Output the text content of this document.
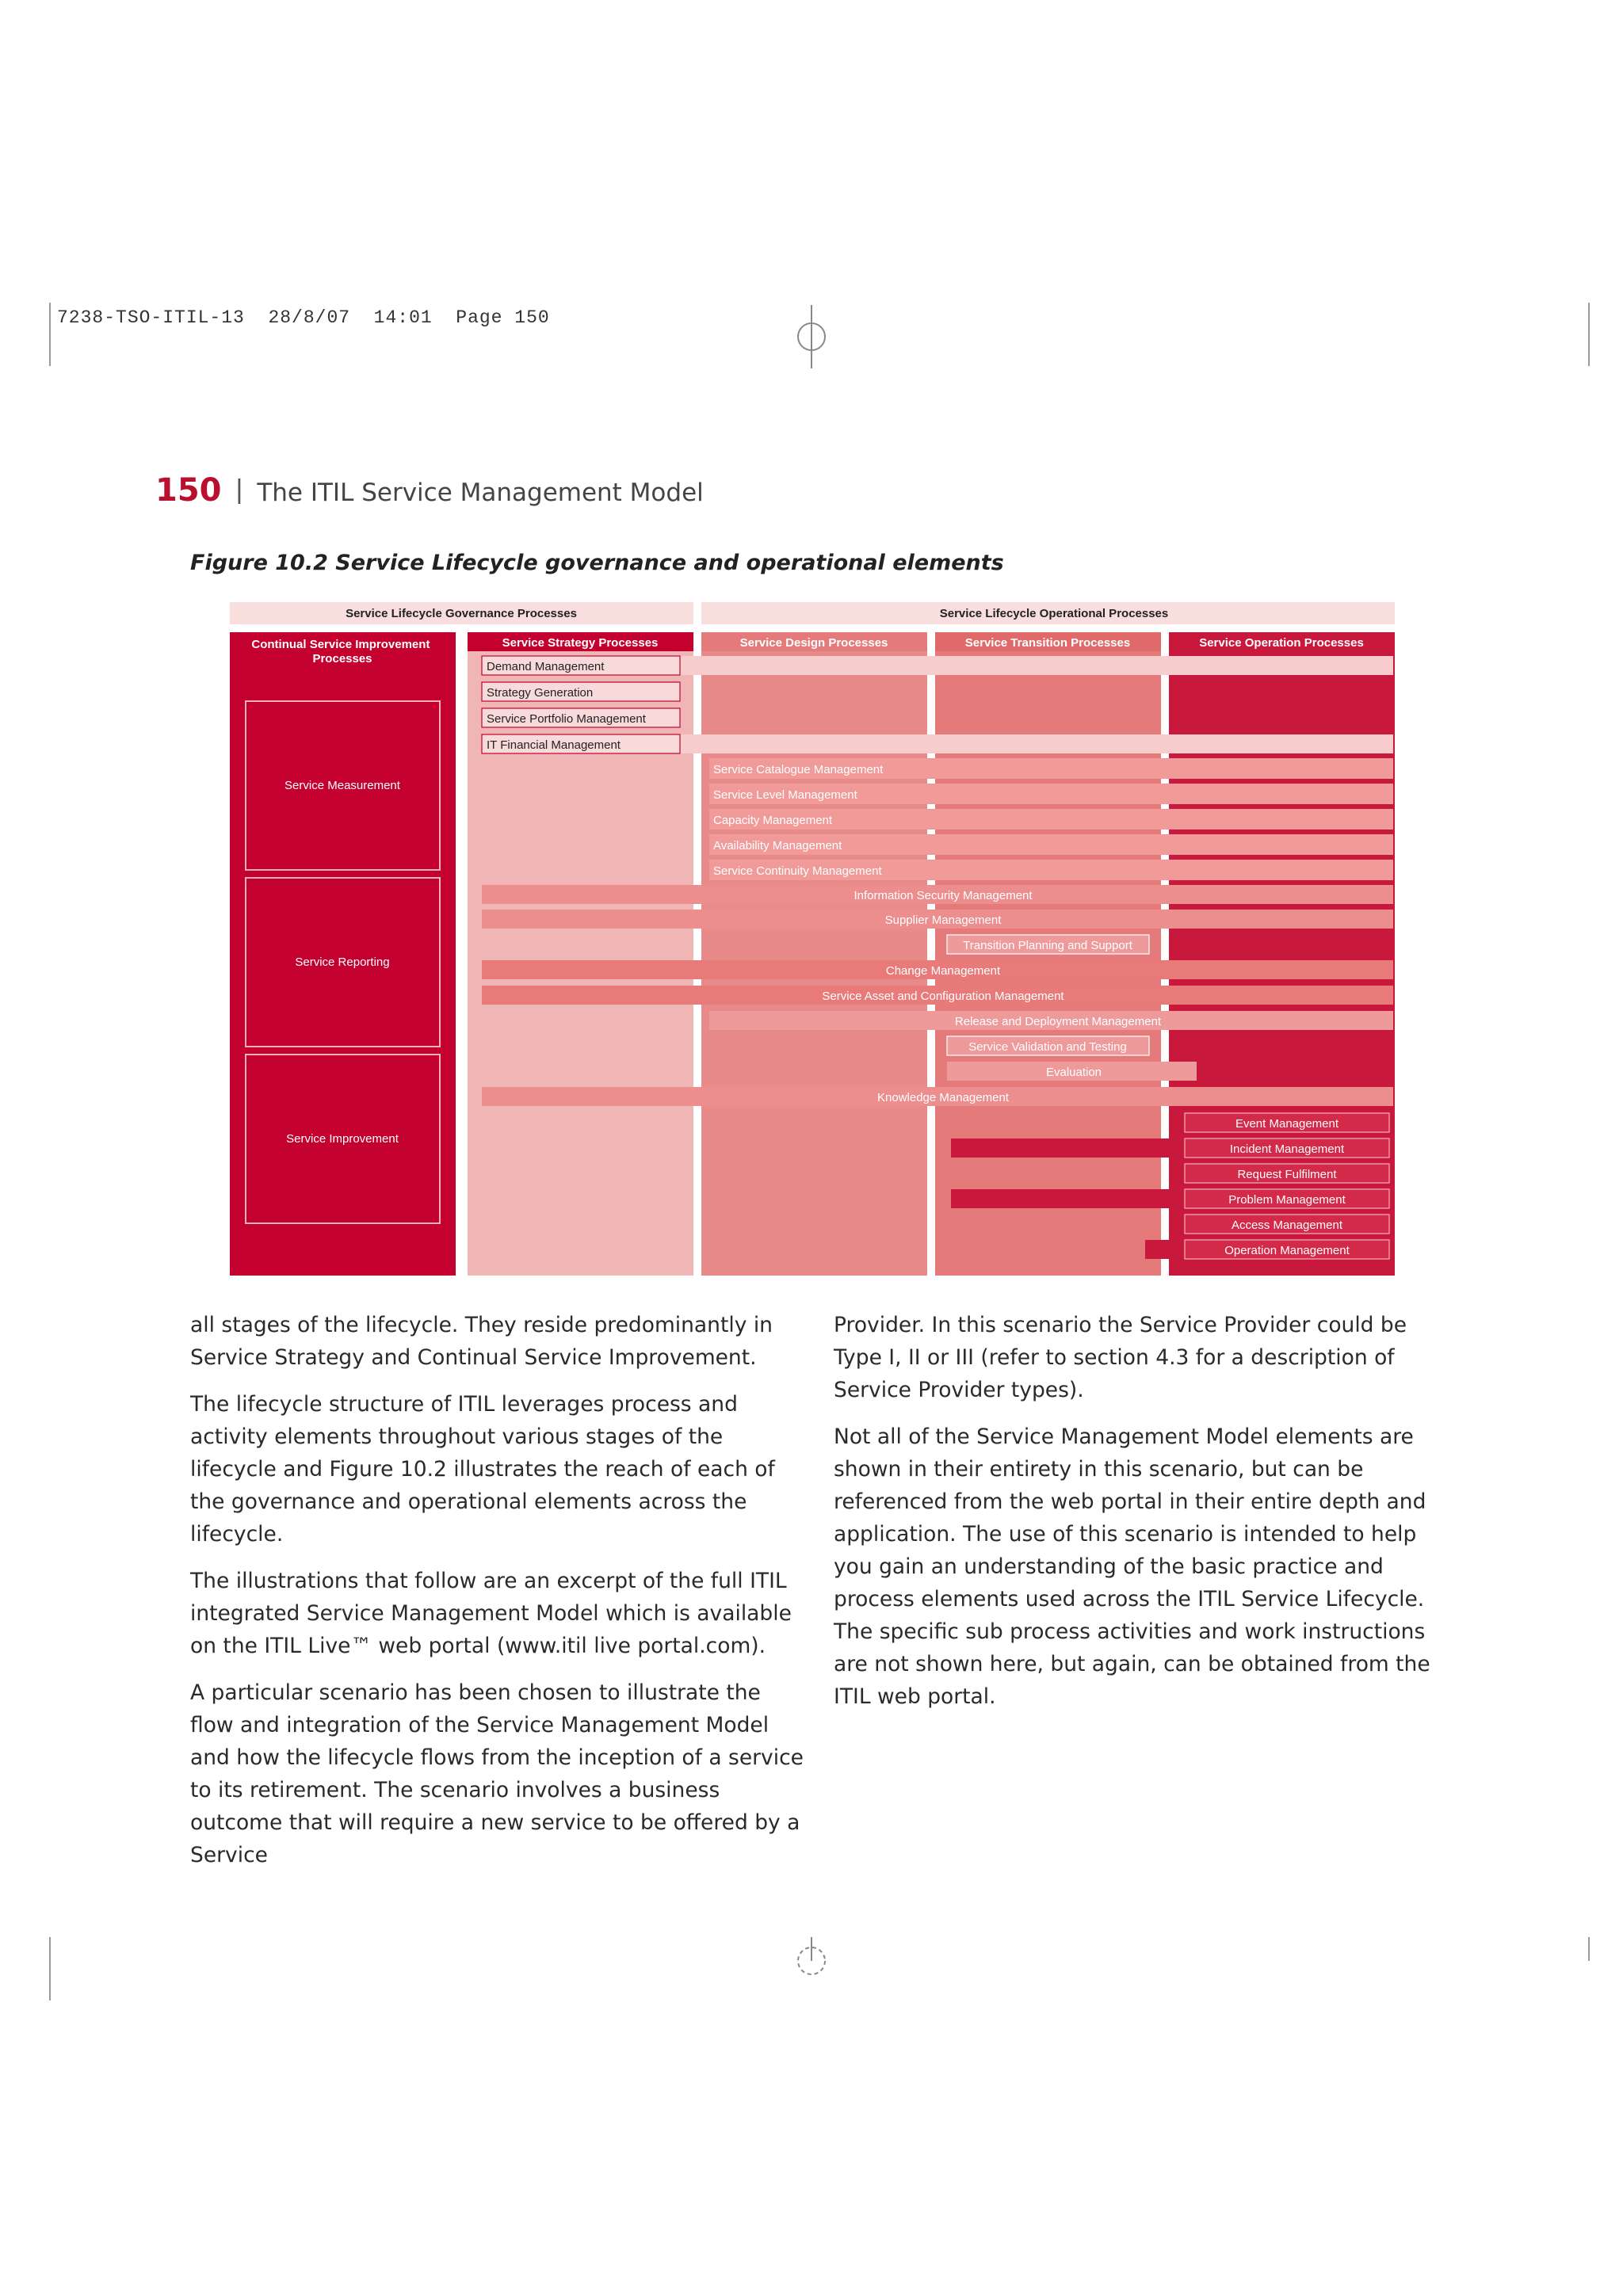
7238-TSO-ITIL-13  28/8/07  14:01  Page 150
150 | The ITIL Service Management Model
Figure 10.2 Service Lifecycle governance and operational elements
Service Lifecycle Governance Processes	Service Lifecycle Operational Processes
Continual Service Improvement Processes
Service Strategy Processes	Service Design Processes	Service Transition Processes	Service Operation Processes
Service Measurement
Service Reporting
Service Improvement
Demand Management
Strategy Generation
Service Portfolio Management
IT Financial Management
Service Catalogue Management
Service Level Management
Capacity Management
Availability Management
Service Continuity Management
Information Security Management
Supplier Management
Transition Planning and Support
Change Management
Service Asset and Configuration Management
Release and Deployment Management
Service Validation and Testing
Evaluation
Knowledge Management
Event Management
Incident Management
Request Fulfilment
Problem Management
Access Management
Operation Management

all stages of the lifecycle. They reside predominantly in Service Strategy and Continual Service Improvement.

The lifecycle structure of ITIL leverages process and activity elements throughout various stages of the lifecycle and Figure 10.2 illustrates the reach of each of the governance and operational elements across the lifecycle.

The illustrations that follow are an excerpt of the full ITIL integrated Service Management Model which is available on the ITIL Live™ web portal (www.itil live portal.com).

A particular scenario has been chosen to illustrate the flow and integration of the Service Management Model and how the lifecycle flows from the inception of a service to its retirement. The scenario involves a business outcome that will require a new service to be offered by a Service

Provider. In this scenario the Service Provider could be Type I, II or III (refer to section 4.3 for a description of Service Provider types).

Not all of the Service Management Model elements are shown in their entirety in this scenario, but can be referenced from the web portal in their entire depth and application. The use of this scenario is intended to help you gain an understanding of the basic practice and process elements used across the ITIL Service Lifecycle. The specific sub process activities and work instructions are not shown here, but again, can be obtained from the ITIL web portal.
